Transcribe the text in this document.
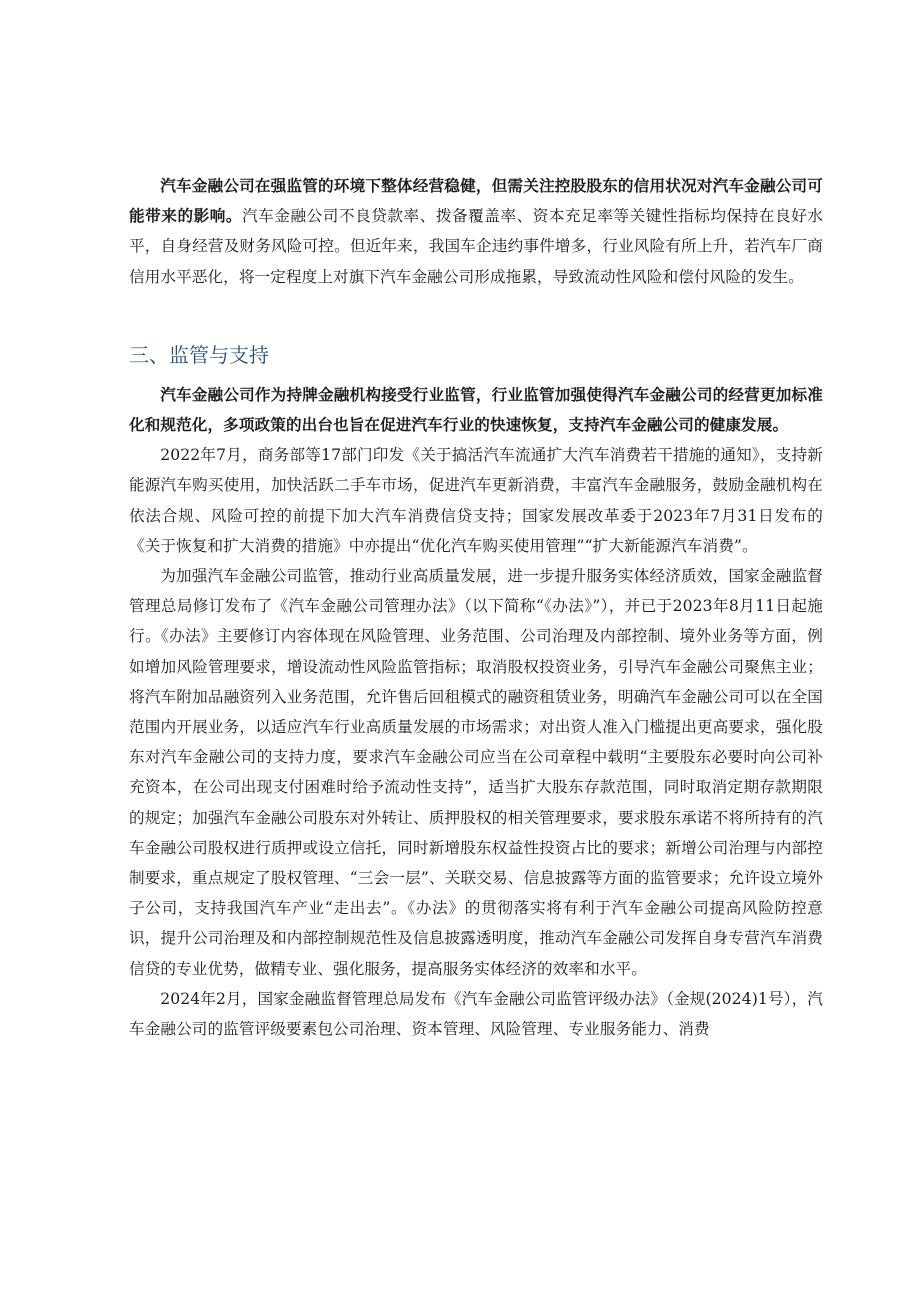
汽车金融公司在强监管的环境下整体经营稳健，但需关注控股股东的信用状况对汽车金融公司可能带来的影响。汽车金融公司不良贷款率、拨备覆盖率、资本充足率等关键性指标均保持在良好水平，自身经营及财务风险可控。但近年来，我国车企违约事件增多，行业风险有所上升，若汽车厂商信用水平恶化，将一定程度上对旗下汽车金融公司形成拖累，导致流动性风险和偿付风险的发生。

三、监管与支持

汽车金融公司作为持牌金融机构接受行业监管，行业监管加强使得汽车金融公司的经营更加标准化和规范化，多项政策的出台也旨在促进汽车行业的快速恢复，支持汽车金融公司的健康发展。

2022年7月，商务部等17部门印发《关于搞活汽车流通扩大汽车消费若干措施的通知》，支持新能源汽车购买使用，加快活跃二手车市场，促进汽车更新消费，丰富汽车金融服务，鼓励金融机构在依法合规、风险可控的前提下加大汽车消费信贷支持；国家发展改革委于2023年7月31日发布的《关于恢复和扩大消费的措施》中亦提出“优化汽车购买使用管理”“扩大新能源汽车消费”。

为加强汽车金融公司监管，推动行业高质量发展，进一步提升服务实体经济质效，国家金融监督管理总局修订发布了《汽车金融公司管理办法》（以下简称“《办法》”），并已于2023年8月11日起施行。《办法》主要修订内容体现在风险管理、业务范围、公司治理及内部控制、境外业务等方面，例如增加风险管理要求，增设流动性风险监管指标；取消股权投资业务，引导汽车金融公司聚焦主业；将汽车附加品融资列入业务范围，允许售后回租模式的融资租赁业务，明确汽车金融公司可以在全国范围内开展业务，以适应汽车行业高质量发展的市场需求；对出资人准入门槛提出更高要求，强化股东对汽车金融公司的支持力度，要求汽车金融公司应当在公司章程中载明“主要股东必要时向公司补充资本，在公司出现支付困难时给予流动性支持”，适当扩大股东存款范围，同时取消定期存款期限的规定；加强汽车金融公司股东对外转让、质押股权的相关管理要求，要求股东承诺不将所持有的汽车金融公司股权进行质押或设立信托，同时新增股东权益性投资占比的要求；新增公司治理与内部控制要求，重点规定了股权管理、“三会一层”、关联交易、信息披露等方面的监管要求；允许设立境外子公司，支持我国汽车产业“走出去”。《办法》的贯彻落实将有利于汽车金融公司提高风险防控意识，提升公司治理及和内部控制规范性及信息披露透明度，推动汽车金融公司发挥自身专营汽车消费信贷的专业优势，做精专业、强化服务，提高服务实体经济的效率和水平。

2024年2月，国家金融监督管理总局发布《汽车金融公司监管评级办法》（金规(2024)1号），汽车金融公司的监管评级要素包公司治理、资本管理、风险管理、专业服务能力、消费
